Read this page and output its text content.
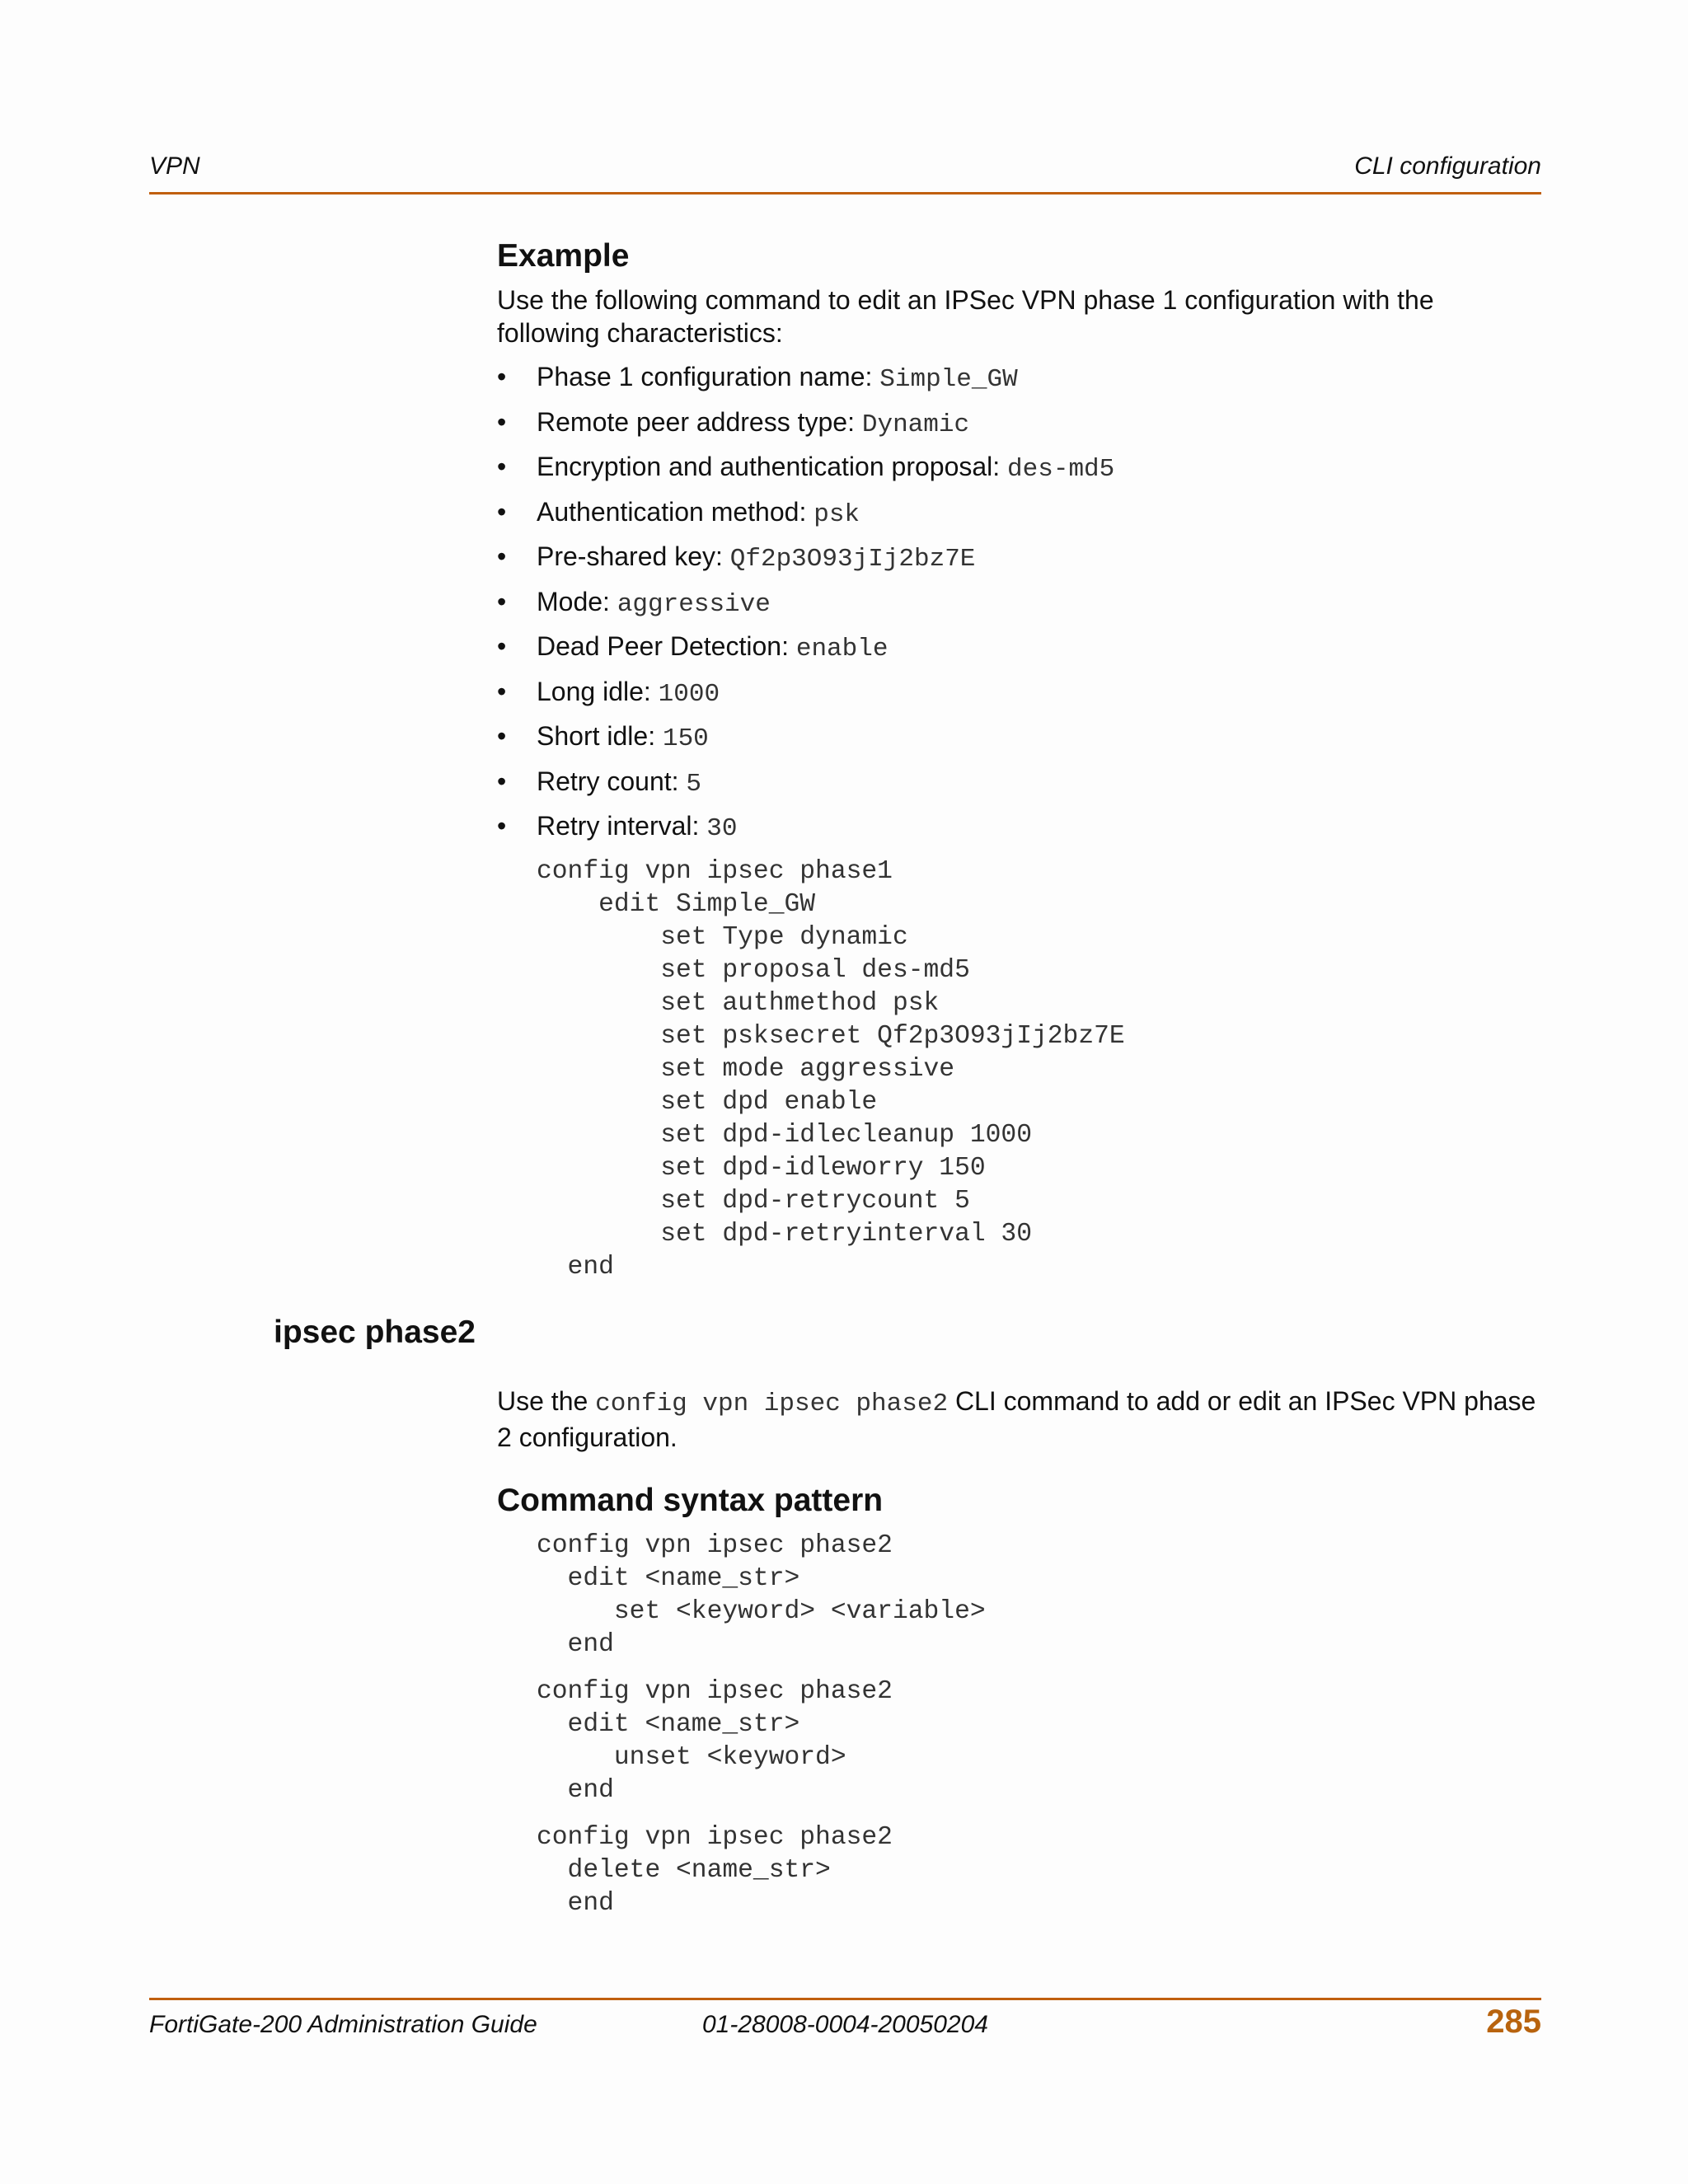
VPN	CLI configuration
Example

Use the following command to edit an IPSec VPN phase 1 configuration with the following characteristics:

• Phase 1 configuration name: Simple_GW
• Remote peer address type: Dynamic
• Encryption and authentication proposal: des-md5
• Authentication method: psk
• Pre-shared key: Qf2p3O93jIj2bz7E
• Mode: aggressive
• Dead Peer Detection: enable
• Long idle: 1000
• Short idle: 150
• Retry count: 5
• Retry interval: 30
config vpn ipsec phase1
edit Simple_GW
set Type dynamic
set proposal des-md5
set authmethod psk
set psksecret Qf2p3O93jIj2bz7E
set mode aggressive
set dpd enable
set dpd-idlecleanup 1000
set dpd-idleworry 150
set dpd-retrycount 5
set dpd-retryinterval 30
end
ipsec phase2

Use the config vpn ipsec phase2 CLI command to add or edit an IPSec VPN phase 2 configuration.

Command syntax pattern
config vpn ipsec phase2
edit <name_str>
set <keyword> <variable>
end
config vpn ipsec phase2
edit <name_str>
unset <keyword>
end
config vpn ipsec phase2
delete <name_str>
end
FortiGate-200 Administration Guide	01-28008-0004-20050204	285
